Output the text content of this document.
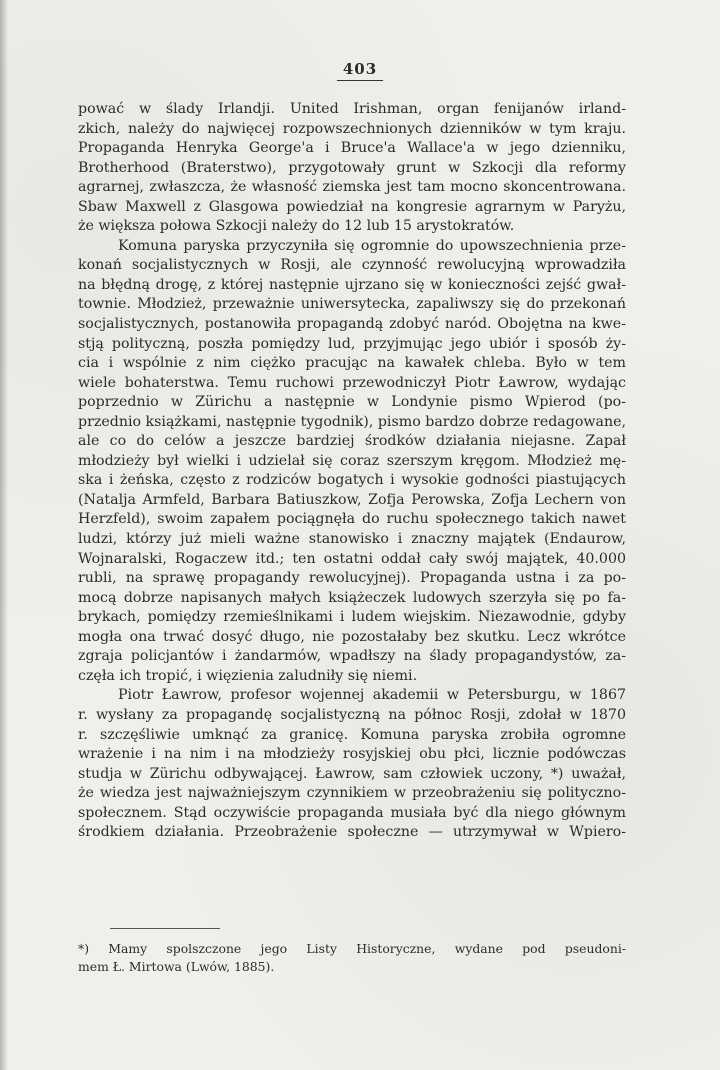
403
pować w ślady Irlandji. United Irishman, organ fenijanów irland-
zkich, należy do najwięcej rozpowszechnionych dzienników w tym kraju.
Propaganda Henryka George'a i Bruce'a Wallace'a w jego dzienniku,
Brotherhood (Braterstwo), przygotowały grunt w Szkocji dla reformy
agrarnej, zwłaszcza, że własność ziemska jest tam mocno skoncentrowana.
Sbaw Maxwell z Glasgowa powiedział na kongresie agrarnym w Paryżu,
że większa połowa Szkocji należy do 12 lub 15 arystokratów.
Komuna paryska przyczyniła się ogromnie do upowszechnienia prze-
konań socjalistycznych w Rosji, ale czynność rewolucyjną wprowadziła
na błędną drogę, z której następnie ujrzano się w konieczności zejść gwał-
townie. Młodzież, przeważnie uniwersytecka, zapaliwszy się do przekonań
socjalistycznych, postanowiła propagandą zdobyć naród. Obojętna na kwe-
stją polityczną, poszła pomiędzy lud, przyjmując jego ubiór i sposób ży-
cia i wspólnie z nim ciężko pracując na kawałek chleba. Było w tem
wiele bohaterstwa. Temu ruchowi przewodniczył Piotr Ławrow, wydając
poprzednio w Zürichu a następnie w Londynie pismo Wpierod (po-
przednio książkami, następnie tygodnik), pismo bardzo dobrze redagowane,
ale co do celów a jeszcze bardziej środków działania niejasne. Zapał
młodzieży był wielki i udzielał się coraz szerszym kręgom. Młodzież mę-
ska i żeńska, często z rodziców bogatych i wysokie godności piastujących
(Natalja Armfeld, Barbara Batiuszkow, Zofja Perowska, Zofja Lechern von
Herzfeld), swoim zapałem pociągnęła do ruchu społecznego takich nawet
ludzi, którzy już mieli ważne stanowisko i znaczny majątek (Endaurow,
Wojnaralski, Rogaczew itd.; ten ostatni oddał cały swój majątek, 40.000
rubli, na sprawę propagandy rewolucyjnej). Propaganda ustna i za po-
mocą dobrze napisanych małych książeczek ludowych szerzyła się po fa-
brykach, pomiędzy rzemieślnikami i ludem wiejskim. Niezawodnie, gdyby
mogła ona trwać dosyć długo, nie pozostałaby bez skutku. Lecz wkrótce
zgraja policjantów i żandarmów, wpadłszy na ślady propagandystów, za-
częła ich tropić, i więzienia zaludniły się niemi.
Piotr Ławrow, profesor wojennej akademii w Petersburgu, w 1867
r. wysłany za propagandę socjalistyczną na północ Rosji, zdołał w 1870
r. szczęśliwie umknąć za granicę. Komuna paryska zrobiła ogromne
wrażenie i na nim i na młodzieży rosyjskiej obu płci, licznie podówczas
studja w Zürichu odbywającej. Ławrow, sam człowiek uczony, *) uważał,
że wiedza jest najważniejszym czynnikiem w przeobrażeniu się polityczno-
społecznem. Stąd oczywiście propaganda musiała być dla niego głównym
środkiem działania. Przeobrażenie społeczne — utrzymywał w Wpiero-
*) Mamy spolszczone jego Listy Historyczne, wydane pod pseudoni-
mem Ł. Mirtowa (Lwów, 1885).
